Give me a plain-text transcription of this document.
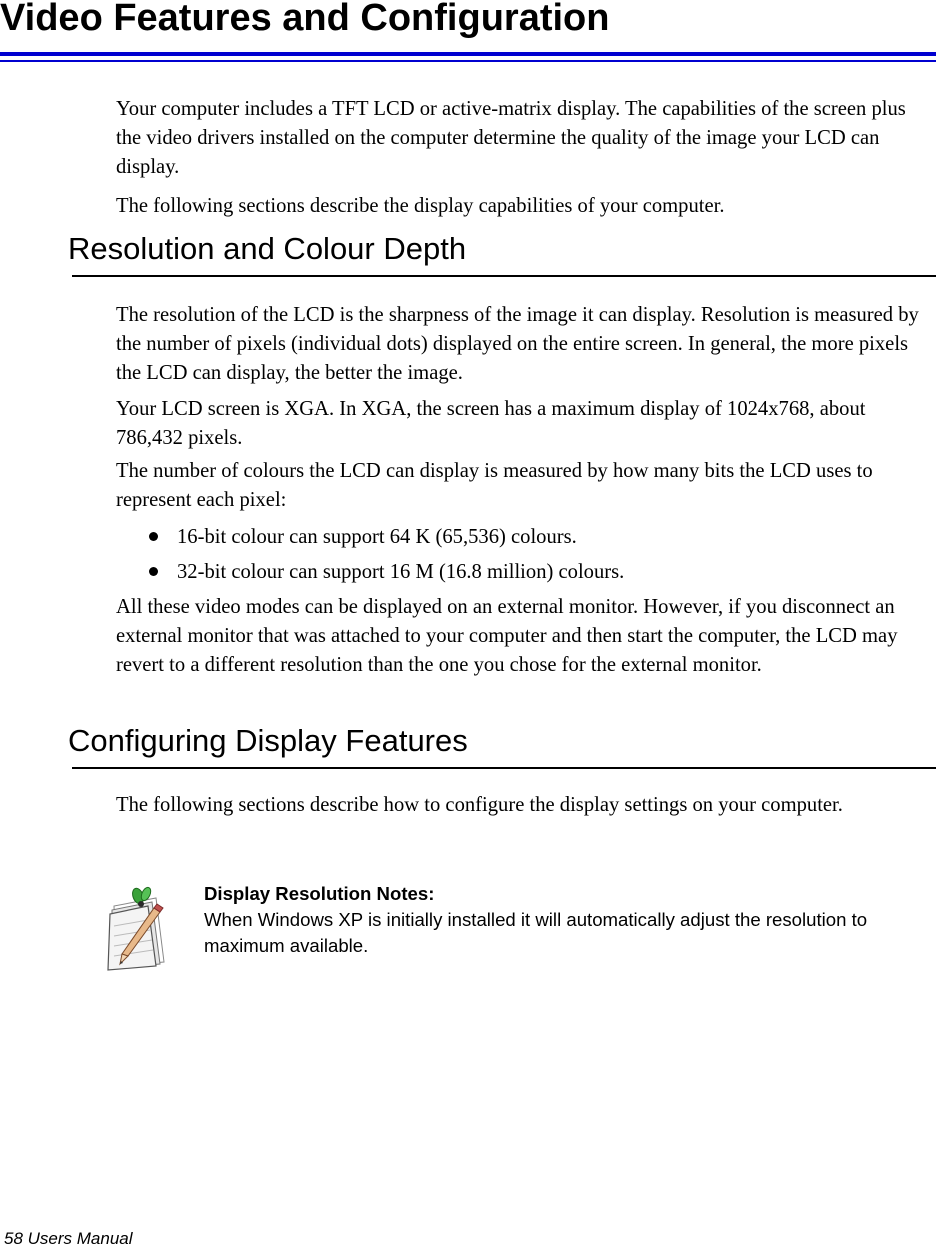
Video Features and Configuration

Your computer includes a TFT LCD or active-matrix display. The capabilities of the screen plus the video drivers installed on the computer determine the quality of the image your LCD can display.

The following sections describe the display capabilities of your computer.

Resolution and Colour Depth

The resolution of the LCD is the sharpness of the image it can display. Resolution is measured by the number of pixels (individual dots) displayed on the entire screen. In general, the more pixels the LCD can display, the better the image.

Your LCD screen is XGA. In XGA, the screen has a maximum display of 1024x768, about 786,432 pixels.

The number of colours the LCD can display is measured by how many bits the LCD uses to represent each pixel:

16-bit colour can support 64 K (65,536) colours.
32-bit colour can support 16 M (16.8 million) colours.

All these video modes can be displayed on an external monitor. However, if you disconnect an external monitor that was attached to your computer and then start the computer, the LCD may revert to a different resolution than the one you chose for the external monitor.

Configuring Display Features

The following sections describe how to configure the display settings on your computer.

Display Resolution Notes:

When Windows XP is initially installed it will automatically adjust the resolution to maximum available.

58 Users Manual
